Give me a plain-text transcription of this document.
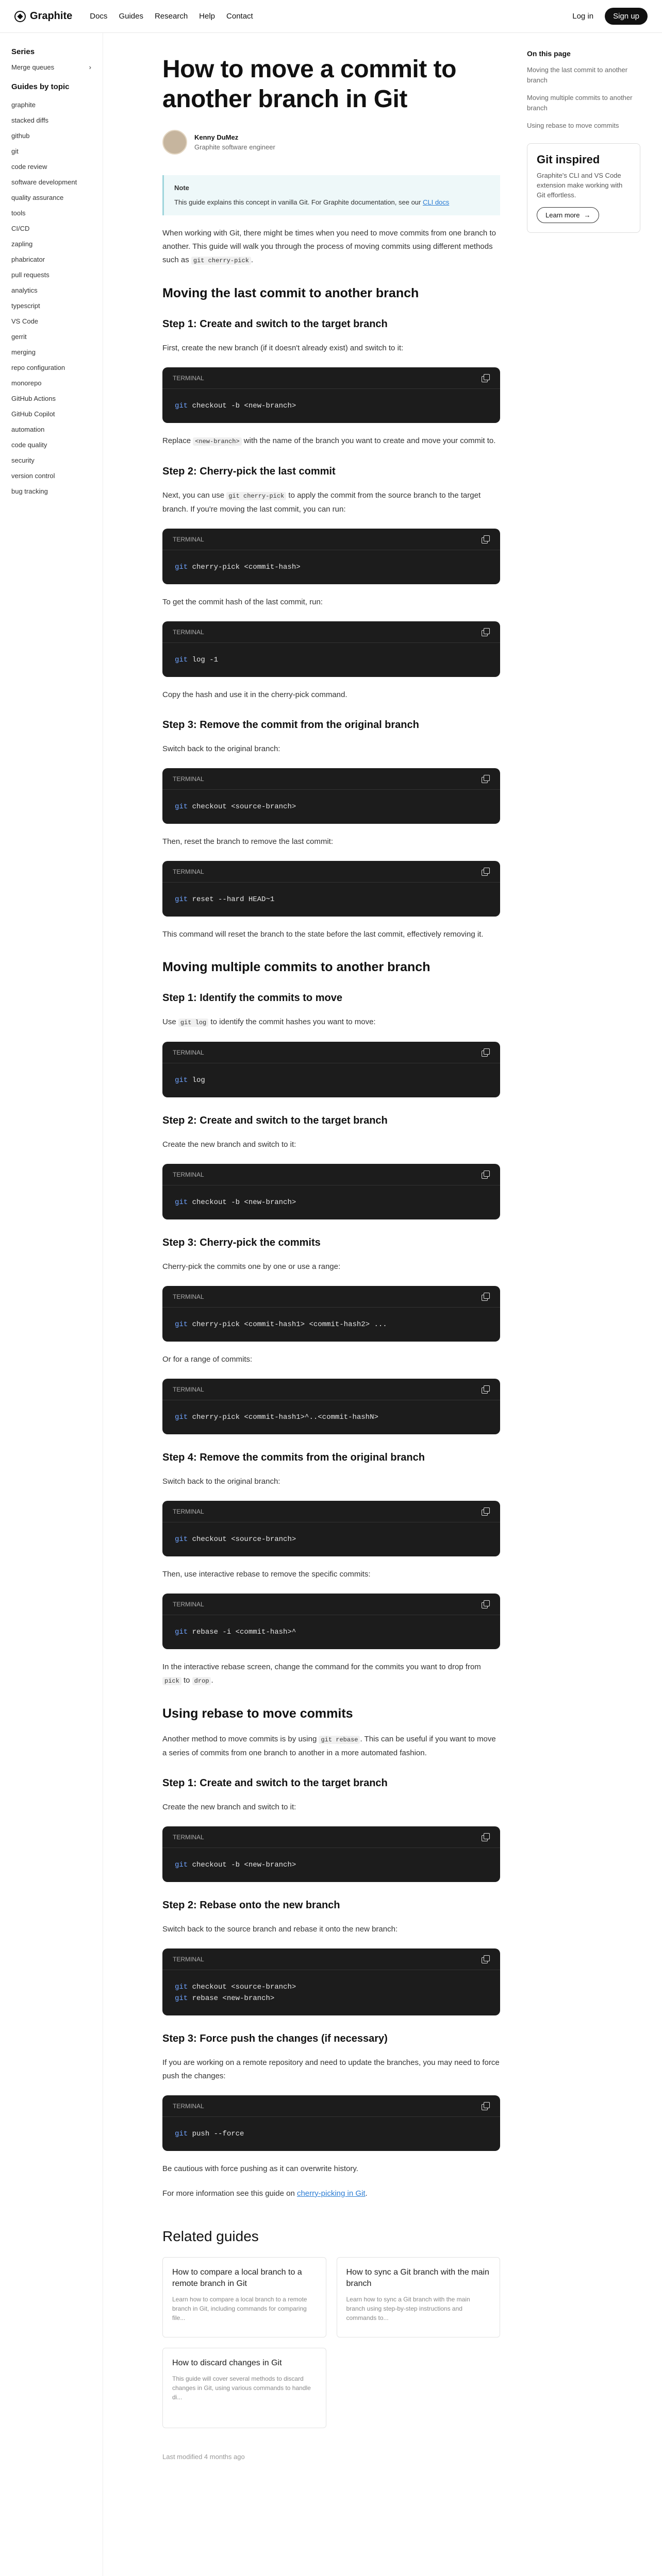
Graphite Docs Guides Research Help Contact	Log in	Sign up
Series
Merge queues	›
Guides by topic
graphite
stacked diffs
github
git
code review
software development
quality assurance
tools
CI/CD
zapling
phabricator
pull requests
analytics
typescript
VS Code
gerrit
merging
repo configuration
monorepo
GitHub Actions
GitHub Copilot
automation
code quality
security
version control
bug tracking
How to move a commit to another branch in Git
Kenny DuMez
Graphite software engineer
Note
This guide explains this concept in vanilla Git. For Graphite documentation, see our CLI docs

When working with Git, there might be times when you need to move commits from one branch to another. This guide will walk you through the process of moving commits using different methods such as git cherry-pick .

Moving the last commit to another branch
Step 1: Create and switch to the target branch

First, create the new branch (if it doesn't already exist) and switch to it:

TERMINAL
git checkout -b <new-branch>

Replace <new-branch> with the name of the branch you want to create and move your commit to.

Step 2: Cherry-pick the last commit

Next, you can use git cherry-pick to apply the commit from the source branch to the target branch. If you're moving the last commit, you can run:

TERMINAL
git cherry-pick <commit-hash>

To get the commit hash of the last commit, run:

TERMINAL
git log -1

Copy the hash and use it in the cherry-pick command.

Step 3: Remove the commit from the original branch

Switch back to the original branch:

TERMINAL
git checkout <source-branch>

Then, reset the branch to remove the last commit:

TERMINAL
git reset --hard HEAD~1

This command will reset the branch to the state before the last commit, effectively removing it.

Moving multiple commits to another branch
Step 1: Identify the commits to move

Use git log to identify the commit hashes you want to move:

TERMINAL
git log
Step 2: Create and switch to the target branch

Create the new branch and switch to it:

TERMINAL
git checkout -b <new-branch>
Step 3: Cherry-pick the commits

Cherry-pick the commits one by one or use a range:

TERMINAL
git cherry-pick <commit-hash1> <commit-hash2> ...

Or for a range of commits:

TERMINAL
git cherry-pick <commit-hash1>^..<commit-hashN>
Step 4: Remove the commits from the original branch

Switch back to the original branch:

TERMINAL
git checkout <source-branch>

Then, use interactive rebase to remove the specific commits:

TERMINAL
git rebase -i <commit-hash>^

In the interactive rebase screen, change the command for the commits you want to drop from pick to drop .

Using rebase to move commits

Another method to move commits is by using git rebase . This can be useful if you want to move a series of commits from one branch to another in a more automated fashion.

Step 1: Create and switch to the target branch

Create the new branch and switch to it:

TERMINAL
git checkout -b <new-branch>
Step 2: Rebase onto the new branch

Switch back to the source branch and rebase it onto the new branch:

TERMINAL
git checkout <source-branch>
git rebase <new-branch>
Step 3: Force push the changes (if necessary)

If you are working on a remote repository and need to update the branches, you may need to force push the changes:

TERMINAL
git push --force

Be cautious with force pushing as it can overwrite history.

For more information see this guide on cherry-picking in Git.

Related guides
How to compare a local branch to a remote branch in Git
Learn how to compare a local branch to a remote branch in Git, including commands for comparing file...
How to sync a Git branch with the main branch
Learn how to sync a Git branch with the main branch using step-by-step instructions and commands to...
How to discard changes in Git
This guide will cover several methods to discard changes in Git, using various commands to handle di...
Last modified 4 months ago
On this page
Moving the last commit to another branch
Moving multiple commits to another branch
Using rebase to move commits
Git inspired
Graphite's CLI and VS Code extension make working with Git effortless.
Learn more →
